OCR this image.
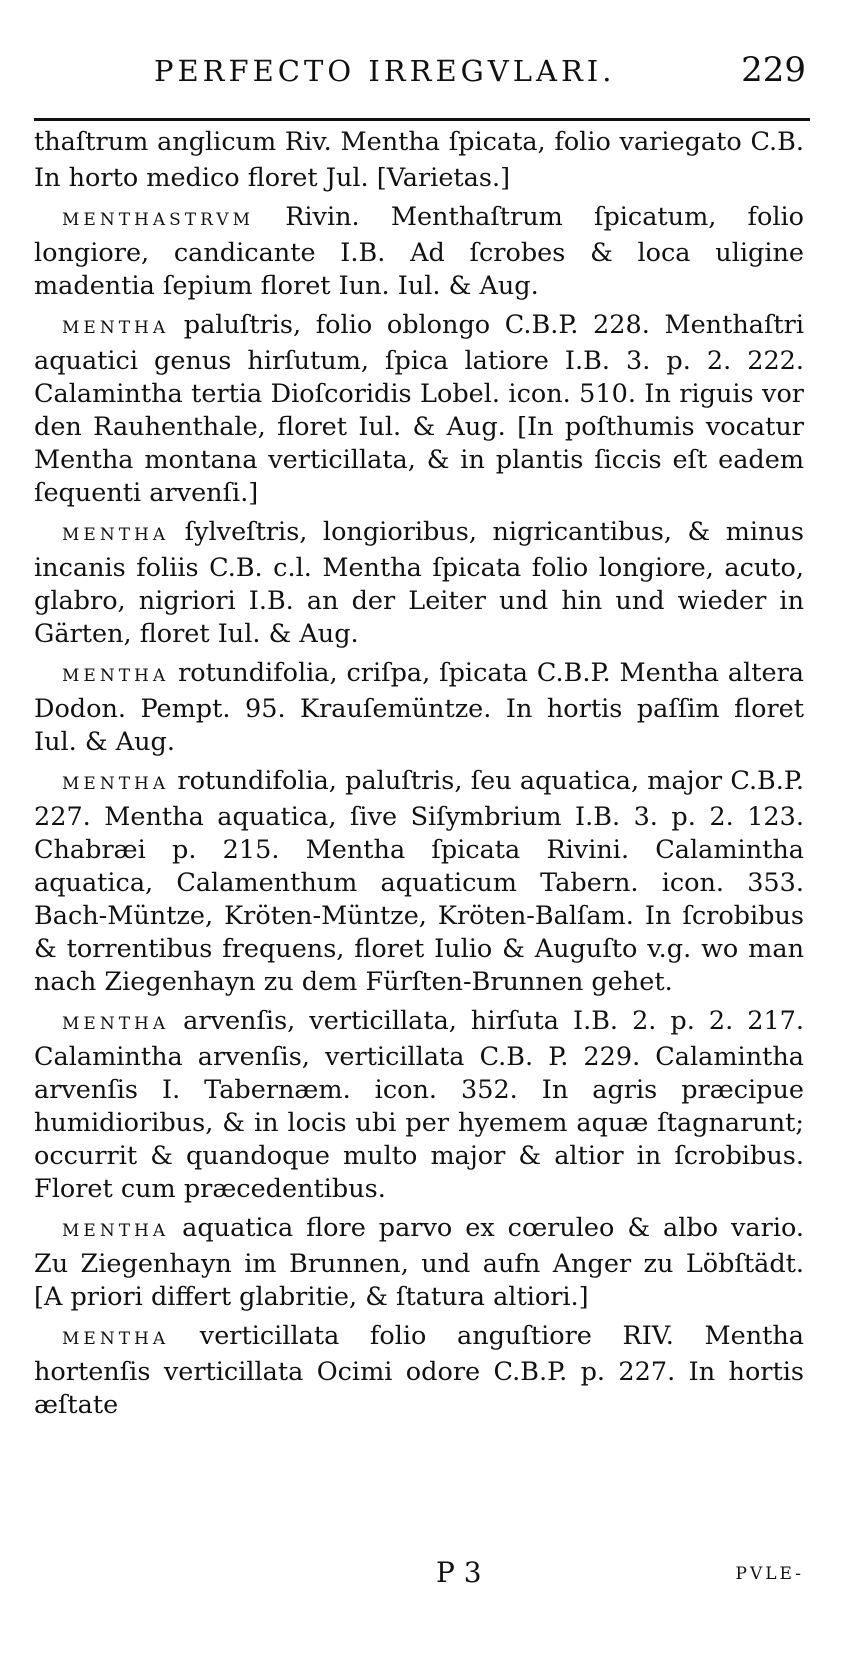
PERFECTO IRREGVLARI.	229

thaſtrum anglicum Riv. Mentha ſpicata, folio variegato C.B. In horto medico floret Jul. [Varietas.]

MENTHASTRVM Rivin. Menthaſtrum ſpicatum, folio longiore, candicante I.B. Ad ſcrobes & loca uligine madentia ſepium floret Iun. Iul. & Aug.

MENTHA paluſtris, folio oblongo C.B.P. 228. Menthaſtri aquatici genus hirſutum, ſpica latiore I.B. 3. p. 2. 222. Calamintha tertia Dioſcoridis Lobel. icon. 510. In riguis vor den Rauhenthale, floret Iul. & Aug. [In poſthumis vocatur Mentha montana verticillata, & in plantis ſiccis eſt eadem ſequenti arvenſi.]

MENTHA ſylveſtris, longioribus, nigricantibus, & minus incanis foliis C.B. c.l. Mentha ſpicata folio longiore, acuto, glabro, nigriori I.B. an der Leiter und hin und wieder in Gärten, floret Iul. & Aug.

MENTHA rotundifolia, criſpa, ſpicata C.B.P. Mentha altera Dodon. Pempt. 95. Krauſemüntze. In hortis paſſim floret Iul. & Aug.

MENTHA rotundifolia, paluſtris, ſeu aquatica, major C.B.P. 227. Mentha aquatica, ſive Siſymbrium I.B. 3. p. 2. 123. Chabræi p. 215. Mentha ſpicata Rivini. Calamintha aquatica, Calamenthum aquaticum Tabern. icon. 353. Bach-Müntze, Kröten-Müntze, Kröten-Balſam. In ſcrobibus & torrentibus frequens, floret Iulio & Auguſto v.g. wo man nach Ziegenhayn zu dem Fürſten-Brunnen gehet.

MENTHA arvenſis, verticillata, hirſuta I.B. 2. p. 2. 217. Calamintha arvenſis, verticillata C.B. P. 229. Calamintha arvenſis I. Tabernæm. icon. 352. In agris præcipue humidioribus, & in locis ubi per hyemem aquæ ſtagnarunt; occurrit & quandoque multo major & altior in ſcrobibus. Floret cum præcedentibus.

MENTHA aquatica flore parvo ex cœruleo & albo vario. Zu Ziegenhayn im Brunnen, und aufn Anger zu Löbſtädt. [A priori differt glabritie, & ſtatura altiori.]

MENTHA verticillata folio anguſtiore RIV. Mentha hortenſis verticillata Ocimi odore C.B.P. p. 227. In hortis æſtate

P 3	PVLE-
